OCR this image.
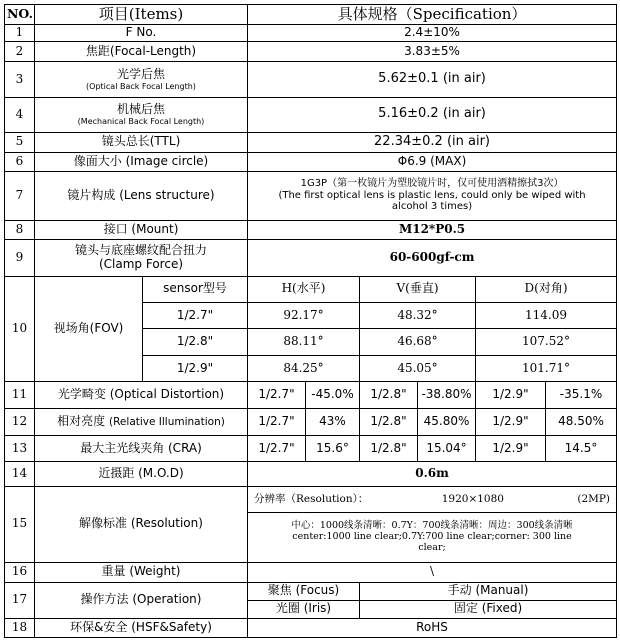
NO.	项目(Items)		具体规格（Specification）					
1	F No.		2.4±10%					
2	焦距(Focal-Length)		3.83±5%					
3	光学后焦
(Optical Back Focal Length)		5.62±0.1 (in air)					
4	机械后焦
(Mechanical Back Focal Length)		5.16±0.2 (in air)					
5	镜头总长(TTL)		22.34±0.2 (in air)					
6	像面大小 (Image circle)		Φ6.9 (MAX)					
7	镜片构成 (Lens structure)		1G3P（第一枚镜片为塑胶镜片时，仅可使用酒精擦拭3次）
(The first optical lens is plastic lens, could only be wiped with
alcohol 3 times)					

8	接口 (Mount)		M12*P0.5					
9	镜头与底座螺纹配合扭力
(Clamp Force)		60-600gf-cm					
10	视场角(FOV)	sensor型号	H(水平)		V(垂直)		D(对角)	
		1/2.7"	92.17°		48.32°		114.09	
		1/2.8"	88.11°		46.68°		107.52°	
		1/2.9"	84.25°		45.05°		101.71°	
11	光学畸变 (Optical Distortion)		1/2.7"	-45.0%	1/2.8"	-38.80%	1/2.9"	-35.1%
12	相对亮度 (Relative Illumination)		1/2.7"	43%	1/2.8"	45.80%	1/2.9"	48.50%
13	最大主光线夹角 (CRA)		1/2.7"	15.6°	1/2.8"	15.04°	1/2.9"	14.5°
14	近摄距 (M.O.D)		0.6m					
15	解像标准 (Resolution)		分辨率（Resolution）： 1920×1080 (2MP)					

			中心：1000线条清晰：0.7Y：700线条清晰：周边：300线条清晰
center:1000 line clear;0.7Y:700 line clear;corner: 300 line
clear;					

16	重量 (Weight)		\					
17	操作方法 (Operation)		聚焦 (Focus)		手动 (Manual)			
			光圈 (Iris)		固定 (Fixed)			
18	环保&安全 (HSF&Safety)		RoHS					
